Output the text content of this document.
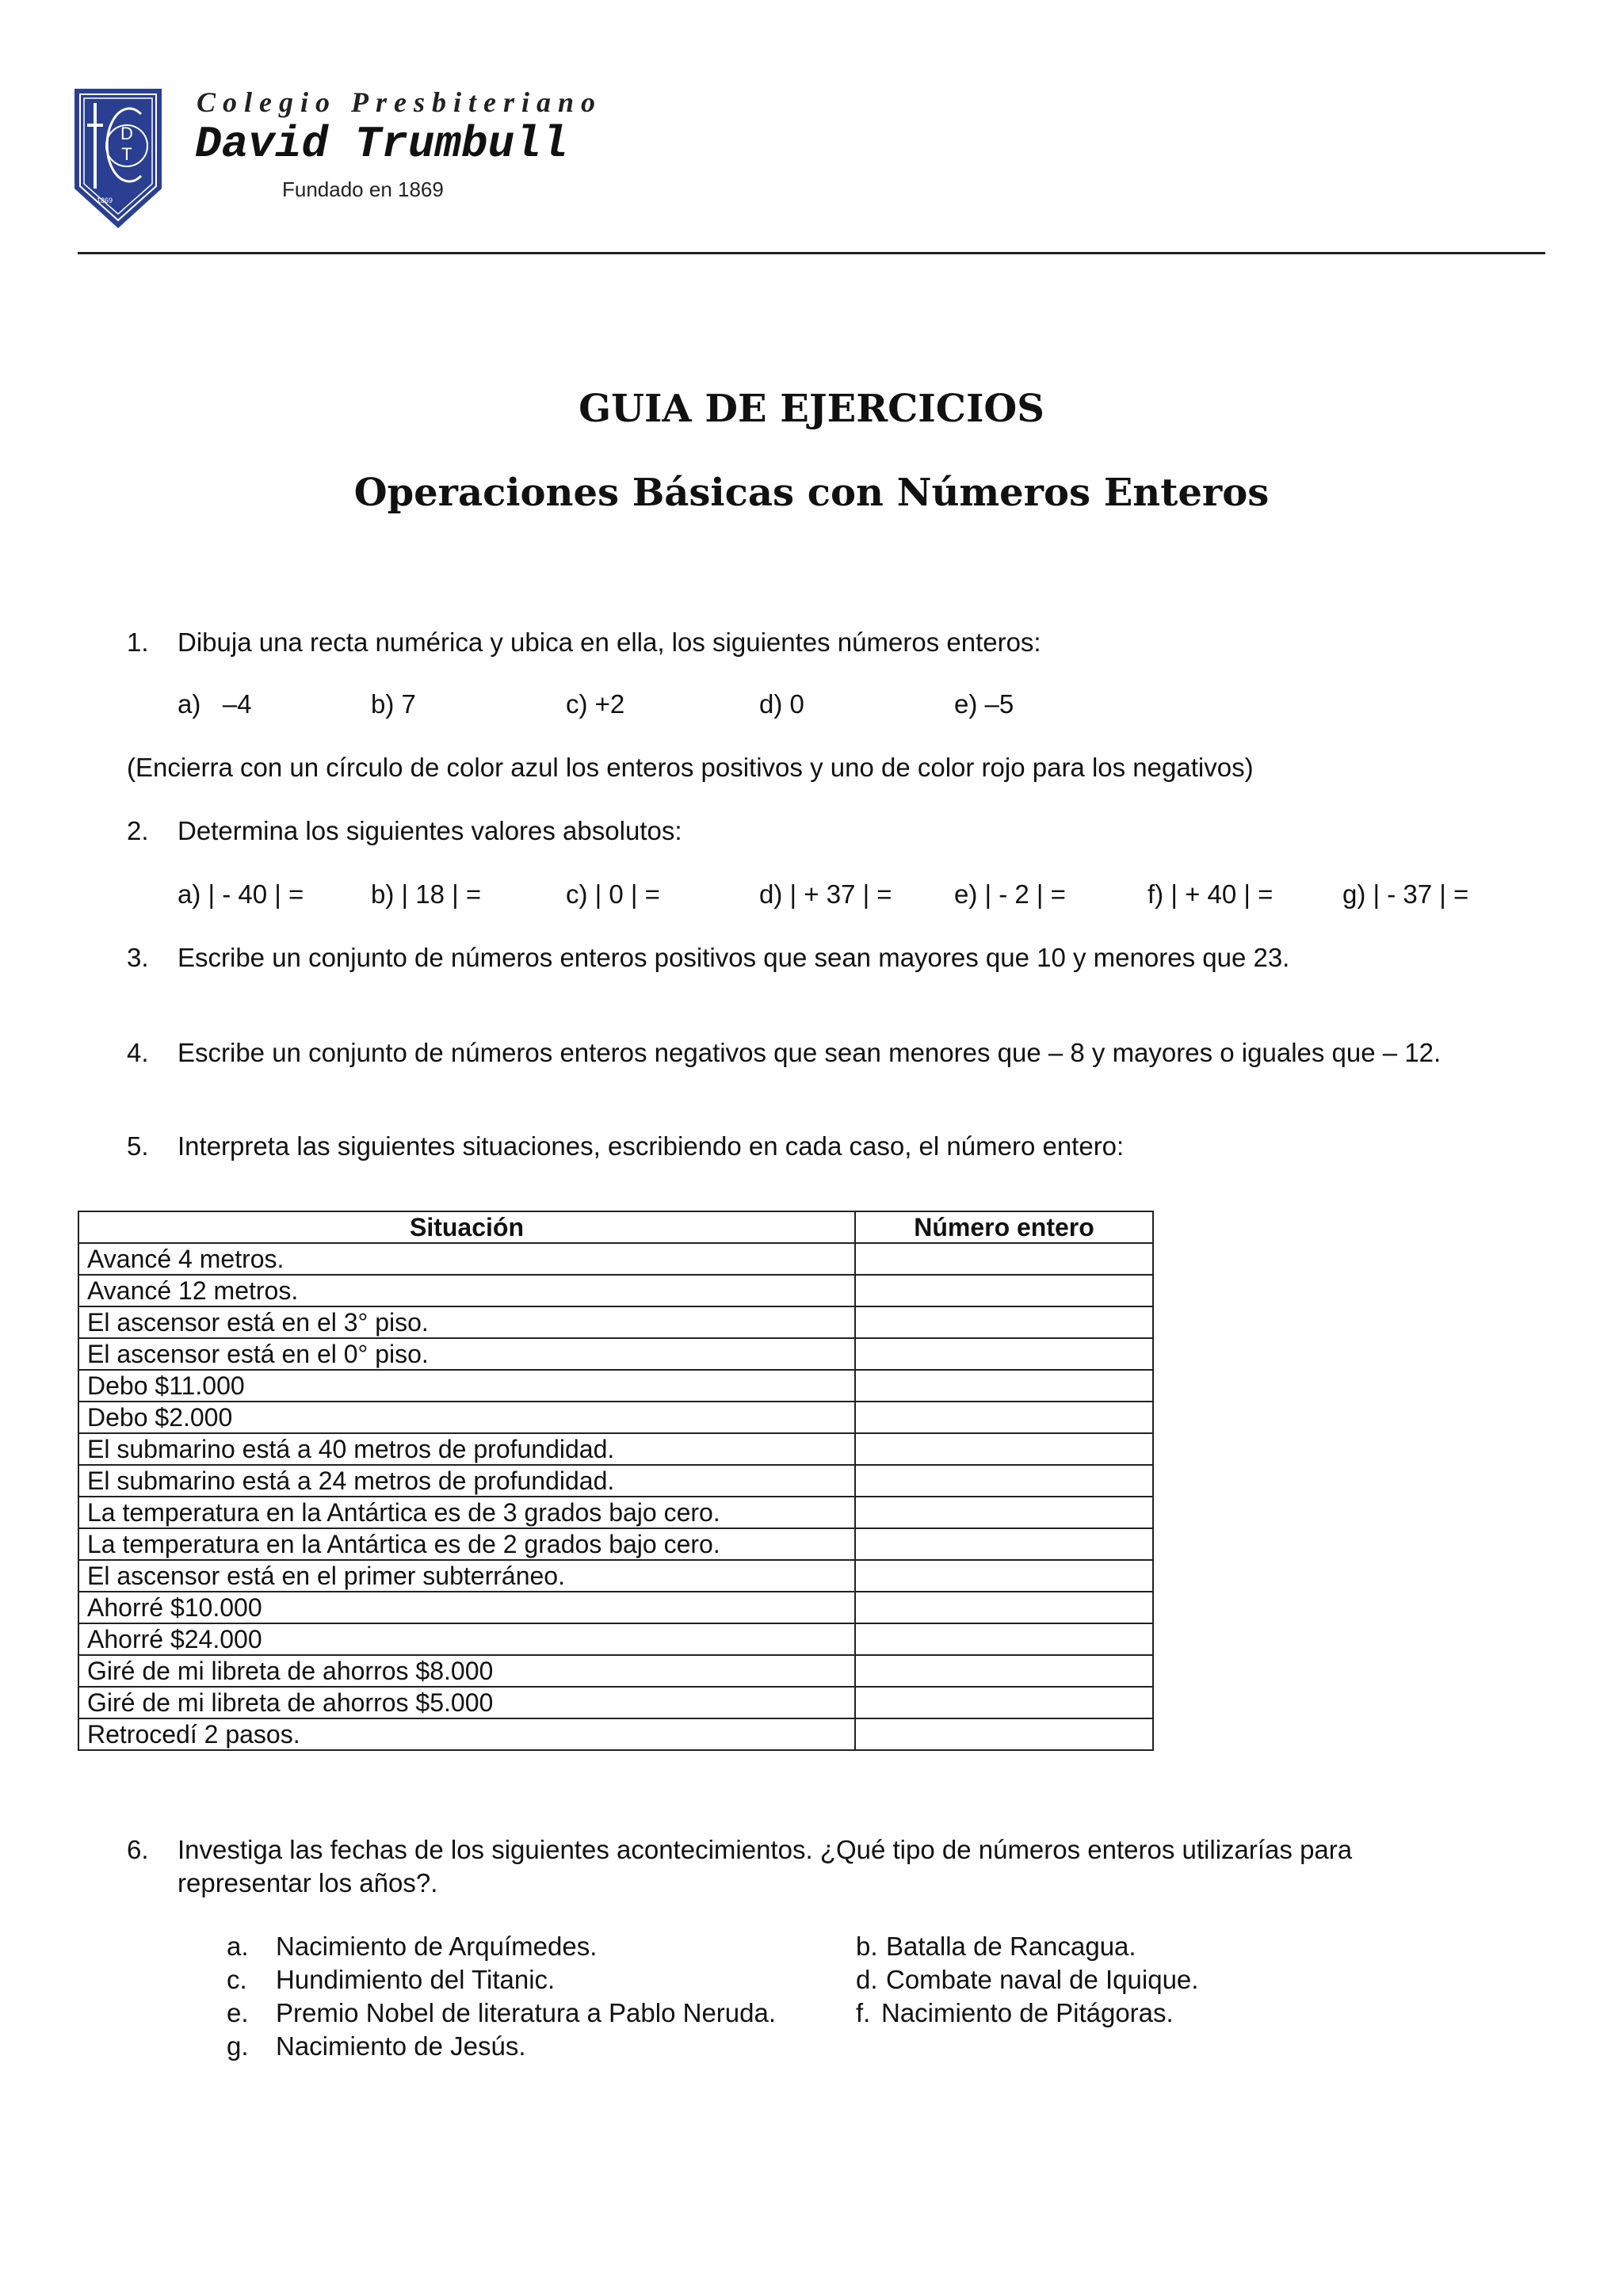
D
T
1869
Colegio Presbiteriano
David Trumbull
Fundado en 1869
GUIA DE EJERCICIOS
Operaciones Básicas con Números Enteros
1. Dibuja una recta numérica y ubica en ella, los siguientes números enteros:
a)   –4	b) 7	c) +2	d) 0	e) –5
(Encierra con un círculo de color azul los enteros positivos y uno de color rojo para los negativos)
2. Determina los siguientes valores absolutos:
a) | - 40 | =	b) | 18 | =	c) | 0 | =	d) | + 37 | = e) | - 2 | =	f) | + 40 | =	g) | - 37 | =
3. Escribe un conjunto de números enteros positivos que sean mayores que 10 y menores que 23.
4. Escribe un conjunto de números enteros negativos que sean menores que – 8 y mayores o iguales que – 12.
5. Interpreta las siguientes situaciones, escribiendo en cada caso, el número entero:
Situación	Número entero
Avancé 4 metros.	
Avancé 12 metros.	
El ascensor está en el 3° piso.	
El ascensor está en el 0° piso.	
Debo $11.000	
Debo $2.000	
El submarino está a 40 metros de profundidad.	
El submarino está a 24 metros de profundidad.	
La temperatura en la Antártica es de 3 grados bajo cero.	
La temperatura en la Antártica es de 2 grados bajo cero.	
El ascensor está en el primer subterráneo.	
Ahorré $10.000	
Ahorré $24.000	
Giré de mi libreta de ahorros $8.000	
Giré de mi libreta de ahorros $5.000	
Retrocedí 2 pasos.	
6. Investiga las fechas de los siguientes acontecimientos. ¿Qué tipo de números enteros utilizarías para
representar los años?.
a. Nacimiento de Arquímedes.	b. Batalla de Rancagua.
c. Hundimiento del Titanic.	d. Combate naval de Iquique.
e. Premio Nobel de literatura a Pablo Neruda.	f. Nacimiento de Pitágoras.
g. Nacimiento de Jesús.
